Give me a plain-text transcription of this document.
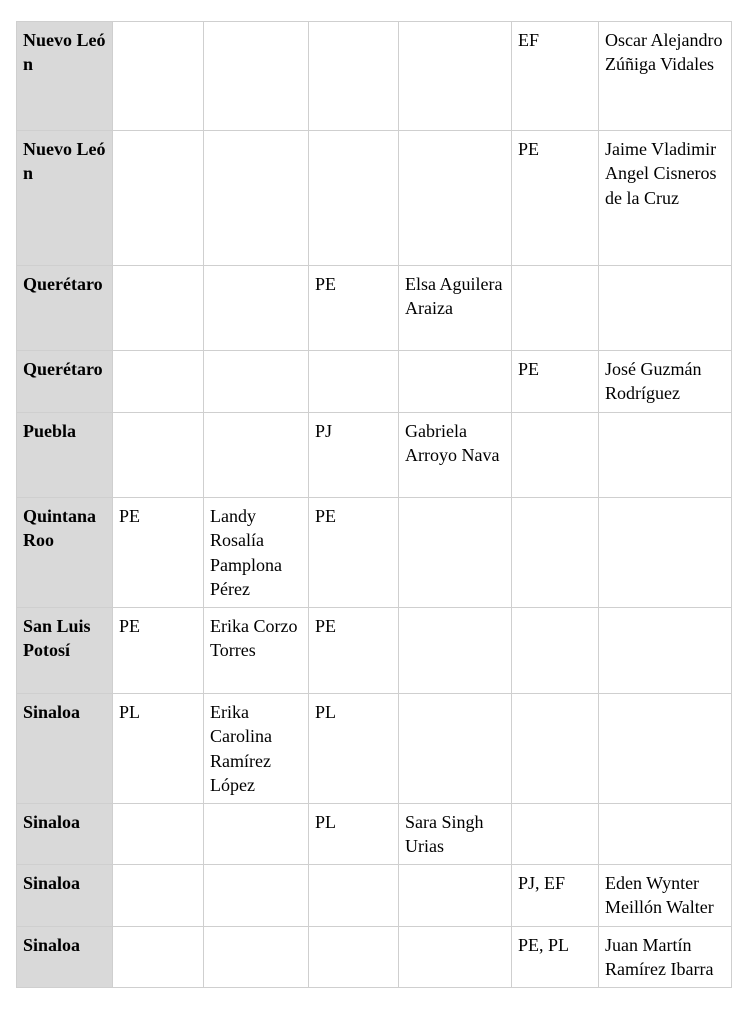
Nuevo León					EF	Oscar Alejandro Zúñiga Vidales

Nuevo León					PE	Jaime Vladimir Angel Cisneros de la Cruz

Querétaro			PE	Elsa Aguilera Araiza		

Querétaro					PE	José Guzmán Rodríguez

Puebla			PJ	Gabriela Arroyo Nava		

Quintana Roo	PE	Landy Rosalía Pamplona Pérez	PE			

San Luis Potosí	PE	Erika Corzo Torres	PE			

Sinaloa	PL	Erika Carolina Ramírez López	PL			

Sinaloa			PL	Sara Singh Urias		

Sinaloa					PJ, EF	Eden Wynter Meillón Walter

Sinaloa					PE, PL	Juan Martín Ramírez Ibarra
